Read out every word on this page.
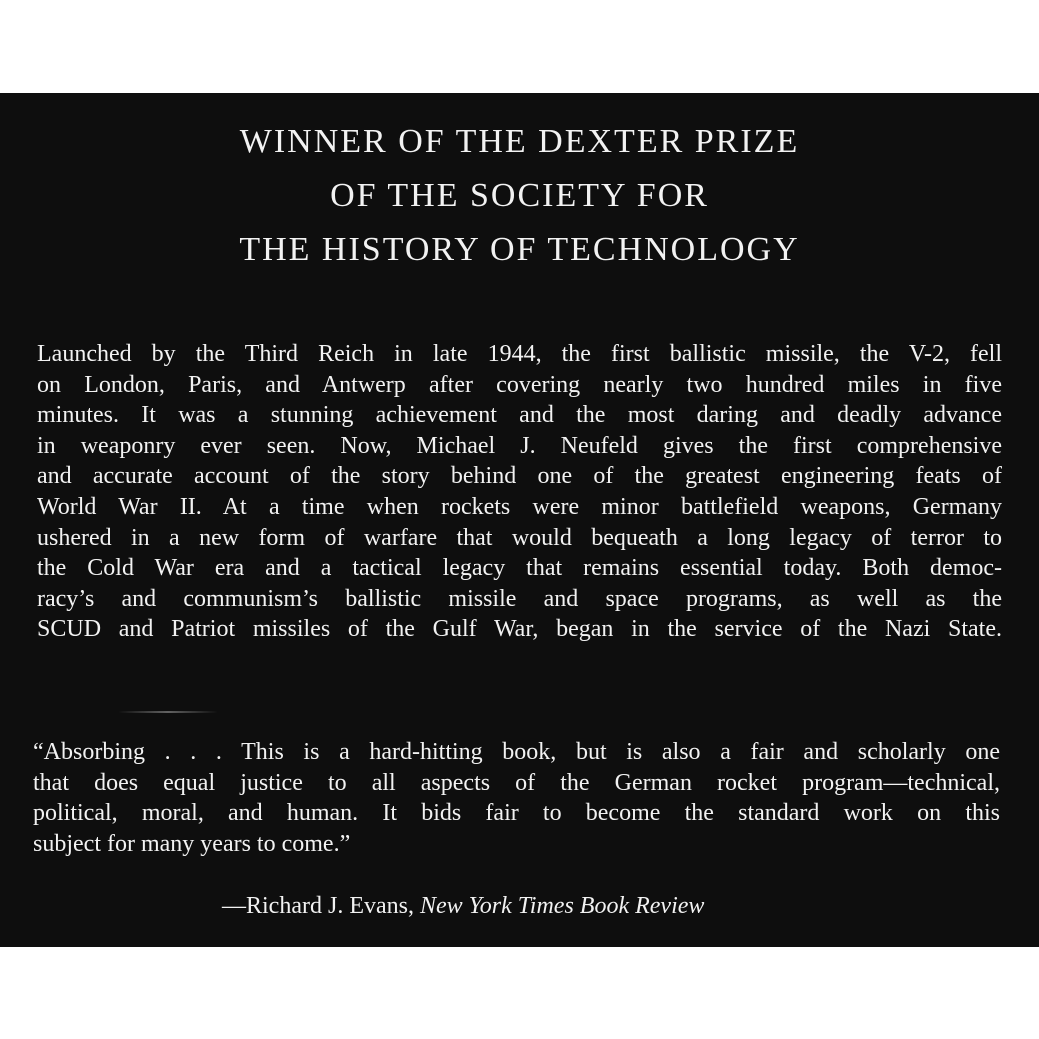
WINNER OF THE DEXTER PRIZE
OF THE SOCIETY FOR
THE HISTORY OF TECHNOLOGY
Launched by the Third Reich in late 1944, the first ballistic missile, the V-2, fell
on London, Paris, and Antwerp after covering nearly two hundred miles in five
minutes. It was a stunning achievement and the most daring and deadly advance
in weaponry ever seen. Now, Michael J. Neufeld gives the first comprehensive
and accurate account of the story behind one of the greatest engineering feats of
World War II. At a time when rockets were minor battlefield weapons, Germany
ushered in a new form of warfare that would bequeath a long legacy of terror to
the Cold War era and a tactical legacy that remains essential today. Both democ-
racy’s and communism’s ballistic missile and space programs, as well as the
SCUD and Patriot missiles of the Gulf War, began in the service of the Nazi State.
“Absorbing . . . This is a hard-hitting book, but is also a fair and scholarly one
that does equal justice to all aspects of the German rocket program—technical,
political, moral, and human. It bids fair to become the standard work on this
subject for many years to come.”
—Richard J. Evans, New York Times Book Review
